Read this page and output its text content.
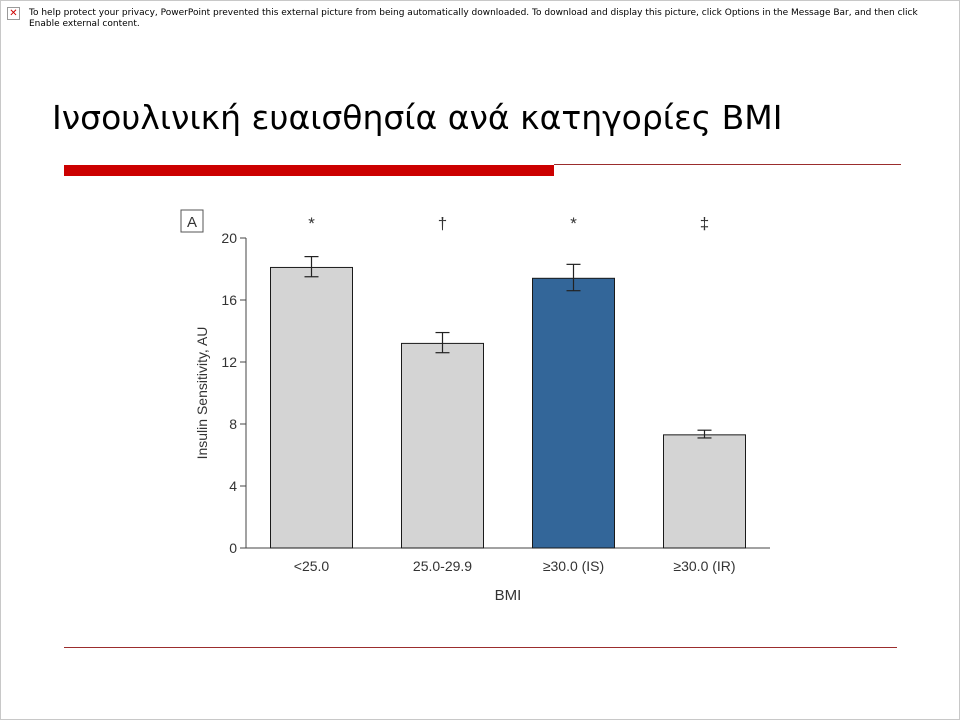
✕ To help protect your privacy, PowerPoint prevented this external picture from being automatically downloaded. To download and display this picture, click Options in the Message Bar, and then click Enable external content.
Ινσουλινική ευαισθησία ανά κατηγορίες ΒΜΙ
A
0
4
8
12
16
20
Insulin Sensitivity, AU
*
<25.0
†
25.0-29.9
*
≥30.0 (IS)
‡
≥30.0 (IR)
BMI
